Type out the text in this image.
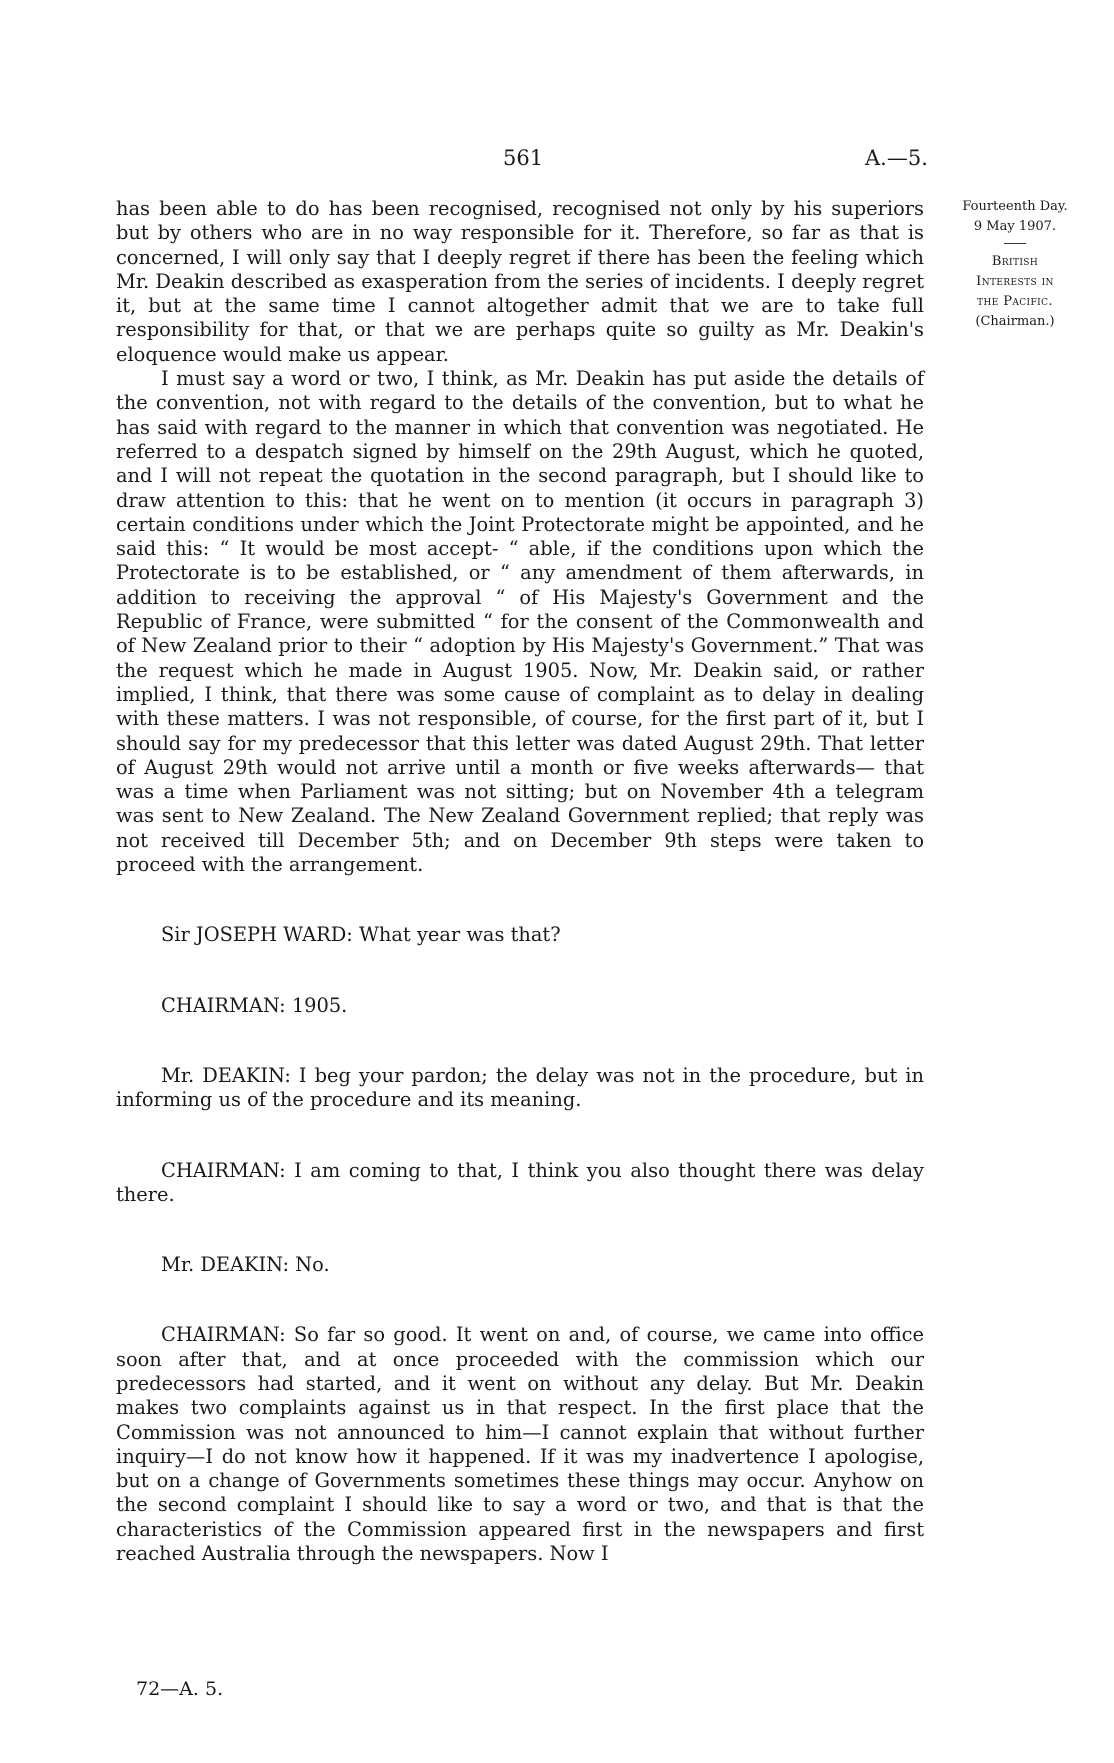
561	A.—5.
Fourteenth Day.
9 May 1907.
British
Interests in
the Pacific.
(Chairman.)

has been able to do has been recognised, recognised not only by his superiors but by others who are in no way responsible for it. Therefore, so far as that is concerned, I will only say that I deeply regret if there has been the feeling which Mr. Deakin described as exasperation from the series of incidents. I deeply regret it, but at the same time I cannot altogether admit that we are to take full responsibility for that, or that we are perhaps quite so guilty as Mr. Deakin's eloquence would make us appear.

I must say a word or two, I think, as Mr. Deakin has put aside the details of the convention, not with regard to the details of the convention, but to what he has said with regard to the manner in which that convention was negotiated. He referred to a despatch signed by himself on the 29th August, which he quoted, and I will not repeat the quotation in the second paragraph, but I should like to draw attention to this: that he went on to mention (it occurs in paragraph 3) certain conditions under which the Joint Protectorate might be appointed, and he said this: “ It would be most accept- “ able, if the conditions upon which the Protectorate is to be established, or “ any amendment of them afterwards, in addition to receiving the approval “ of His Majesty's Government and the Republic of France, were submitted “ for the consent of the Commonwealth and of New Zealand prior to their “ adoption by His Majesty's Government.” That was the request which he made in August 1905. Now, Mr. Deakin said, or rather implied, I think, that there was some cause of complaint as to delay in dealing with these matters. I was not responsible, of course, for the first part of it, but I should say for my predecessor that this letter was dated August 29th. That letter of August 29th would not arrive until a month or five weeks afterwards— that was a time when Parliament was not sitting; but on November 4th a telegram was sent to New Zealand. The New Zealand Government replied; that reply was not received till December 5th; and on December 9th steps were taken to proceed with the arrangement.

Sir JOSEPH WARD: What year was that?

CHAIRMAN: 1905.

Mr. DEAKIN: I beg your pardon; the delay was not in the procedure, but in informing us of the procedure and its meaning.

CHAIRMAN: I am coming to that, I think you also thought there was delay there.

Mr. DEAKIN: No.

CHAIRMAN: So far so good. It went on and, of course, we came into office soon after that, and at once proceeded with the commission which our predecessors had started, and it went on without any delay. But Mr. Deakin makes two complaints against us in that respect. In the first place that the Commission was not announced to him—I cannot explain that without further inquiry—I do not know how it happened. If it was my inadvertence I apologise, but on a change of Governments sometimes these things may occur. Anyhow on the second complaint I should like to say a word or two, and that is that the characteristics of the Commission appeared first in the newspapers and first reached Australia through the newspapers. Now I

72—A. 5.
